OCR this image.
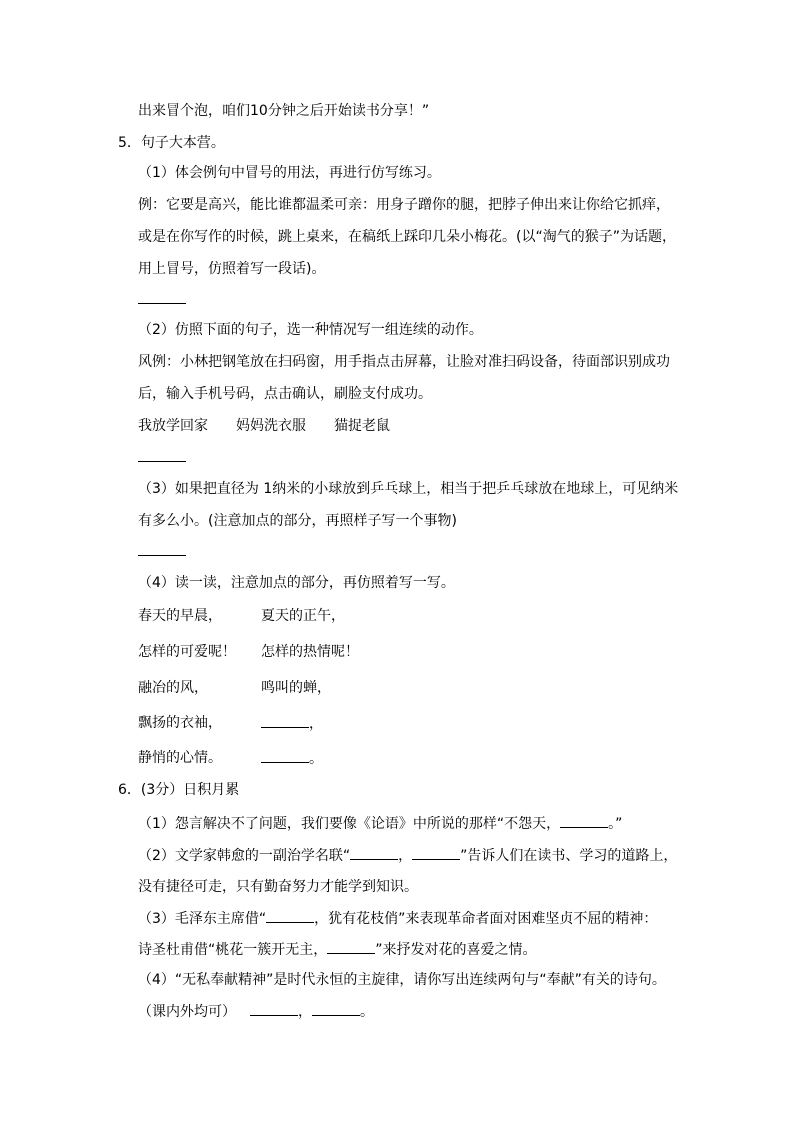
出来冒个泡，咱们10分钟之后开始读书分享！”
5．句子大本营。
（1）体会例句中冒号的用法，再进行仿写练习。
例：它要是高兴，能比谁都温柔可亲：用身子蹭你的腿，把脖子伸出来让你给它抓痒，
或是在你写作的时候，跳上桌来，在稿纸上踩印几朵小梅花。(以“淘气的猴子”为话题，
用上冒号，仿照着写一段话)。
（2）仿照下面的句子，选一种情况写一组连续的动作。
风例：小林把钢笔放在扫码窗，用手指点击屏幕，让脸对准扫码设备，待面部识别成功
后，输入手机号码，点击确认，刷脸支付成功。
我放学回家 妈妈洗衣服 猫捉老鼠
（3）如果把直径为 1纳米的小球放到乒乓球上，相当于把乒乓球放在地球上，可见纳米
有多么小。(注意加点的部分，再照样子写一个事物)
（4）读一读，注意加点的部分，再仿照着写一写。
春天的早晨，	夏天的正午，
怎样的可爱呢！ 怎样的热情呢！
融冶的风，	鸣叫的蝉，
飘扬的衣袖，	，
静悄的心情。	。
6．(3分）日积月累
（1）怨言解决不了问题，我们要像《论语》中所说的那样“不怨天，	。”
（2）文学家韩愈的一副治学名联“	，	”告诉人们在读书、学习的道路上，
没有捷径可走，只有勤奋努力才能学到知识。
（3）毛泽东主席借“	，犹有花枝俏”来表现革命者面对困难坚贞不屈的精神：
诗圣杜甫借“桃花一簇开无主，	”来抒发对花的喜爱之情。
（4）“无私奉献精神”是时代永恒的主旋律，请你写出连续两句与“奉献”有关的诗句。
（课内外均可）	，	。
